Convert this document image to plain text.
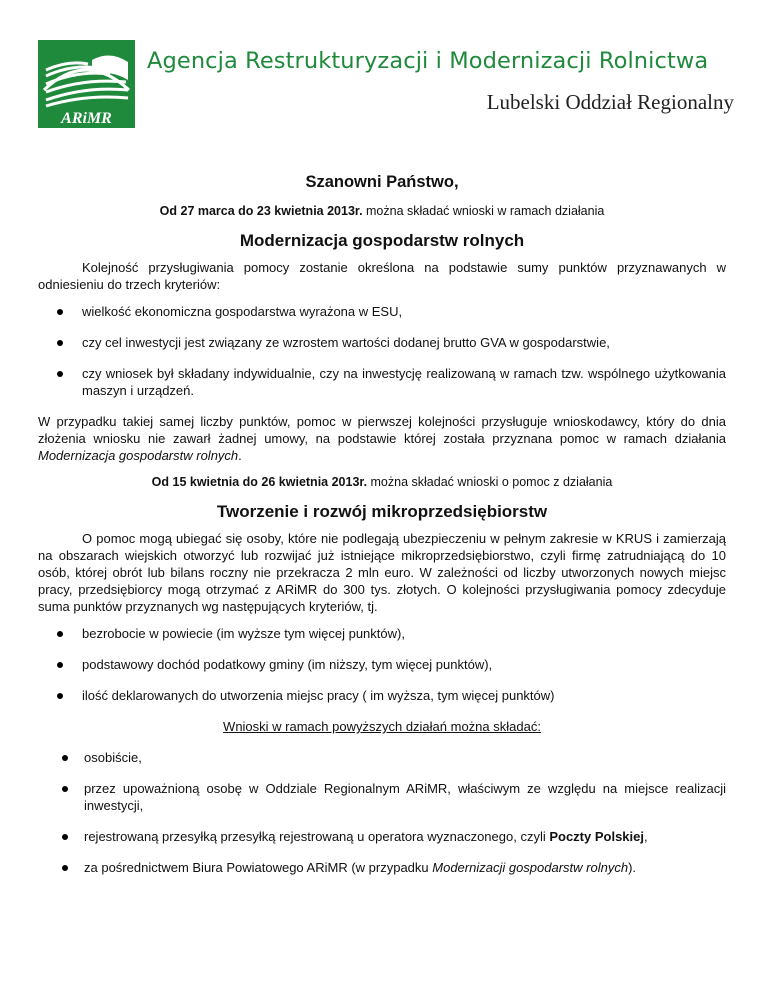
ARiMR
Agencja Restrukturyzacji i Modernizacji Rolnictwa
Lubelski Oddział Regionalny
Szanowni Państwo,
Od 27 marca do 23 kwietnia 2013r. można składać wnioski w ramach działania
Modernizacja gospodarstw rolnych

Kolejność przysługiwania pomocy zostanie określona na podstawie sumy punktów przyznawanych w odniesieniu do trzech kryteriów:

wielkość ekonomiczna gospodarstwa wyrażona w ESU,
czy cel inwestycji jest związany ze wzrostem wartości dodanej brutto GVA w gospodarstwie,
czy wniosek był składany indywidualnie, czy na inwestycję realizowaną w ramach tzw. wspólnego użytkowania maszyn i urządzeń.

W przypadku takiej samej liczby punktów, pomoc w pierwszej kolejności przysługuje wnioskodawcy, który do dnia złożenia wniosku nie zawarł żadnej umowy, na podstawie której została przyznana pomoc w ramach działania Modernizacja gospodarstw rolnych.

Od 15 kwietnia do 26 kwietnia 2013r. można składać wnioski o pomoc z działania
Tworzenie i rozwój mikroprzedsiębiorstw

O pomoc mogą ubiegać się osoby, które nie podlegają ubezpieczeniu w pełnym zakresie w KRUS i zamierzają na obszarach wiejskich otworzyć lub rozwijać już istniejące mikroprzedsiębiorstwo, czyli firmę zatrudniającą do 10 osób, której obrót lub bilans roczny nie przekracza 2 mln euro. W zależności od liczby utworzonych nowych miejsc pracy, przedsiębiorcy mogą otrzymać z ARiMR do 300 tys. złotych. O kolejności przysługiwania pomocy zdecyduje suma punktów przyznanych wg następujących kryteriów, tj.

bezrobocie w powiecie (im wyższe tym więcej punktów),
podstawowy dochód podatkowy gminy (im niższy, tym więcej punktów),
ilość deklarowanych do utworzenia miejsc pracy ( im wyższa, tym więcej punktów)
Wnioski w ramach powyższych działań można składać:
osobiście,
przez upoważnioną osobę w Oddziale Regionalnym ARiMR, właściwym ze względu na miejsce realizacji inwestycji,
rejestrowaną przesyłką przesyłką rejestrowaną u operatora wyznaczonego, czyli Poczty Polskiej,
za pośrednictwem Biura Powiatowego ARiMR (w przypadku Modernizacji gospodarstw rolnych).
